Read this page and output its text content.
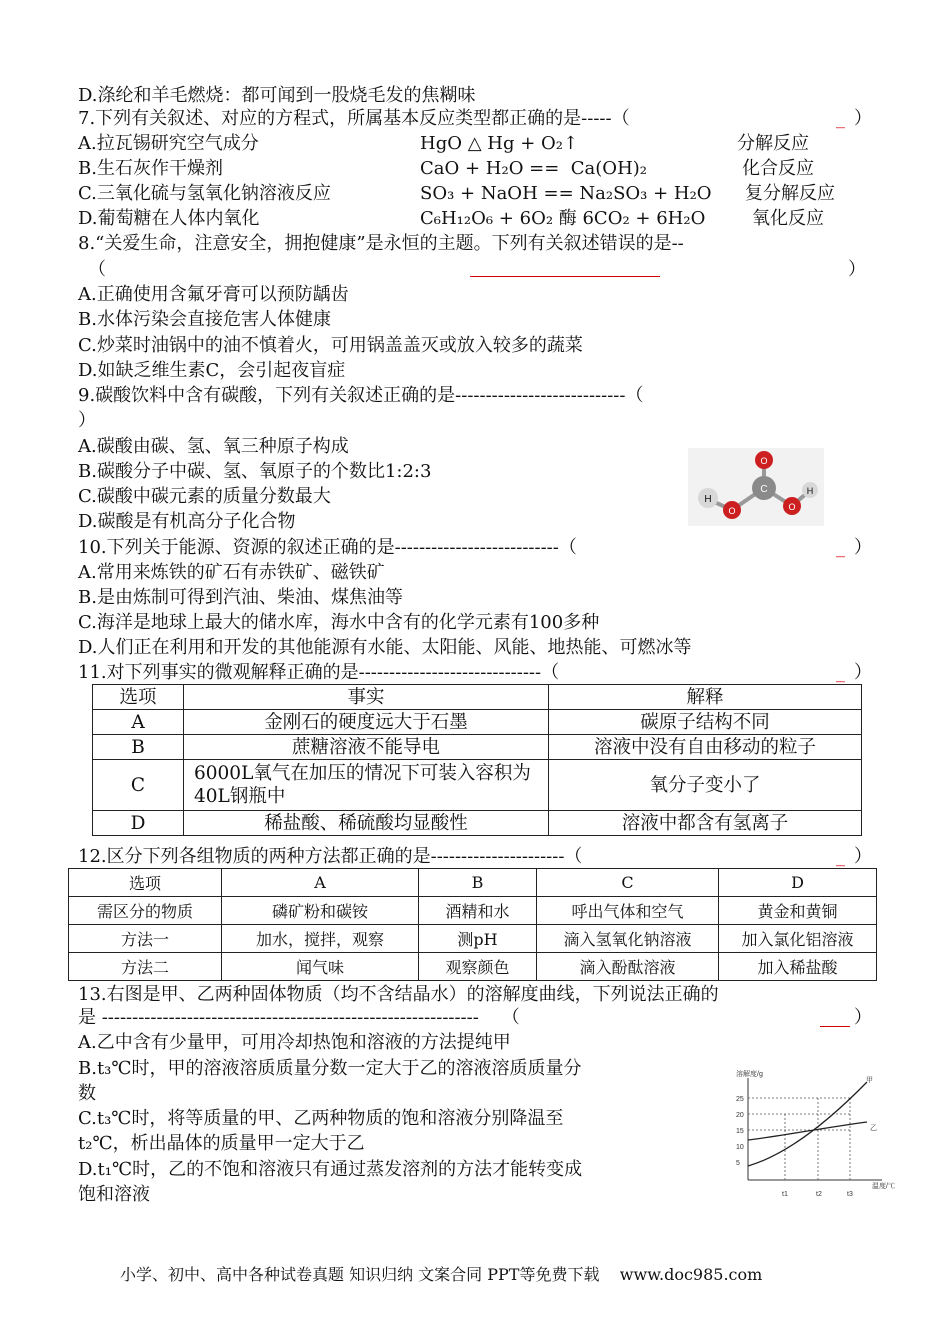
D.涤纶和羊毛燃烧：都可闻到一股烧毛发的焦糊味
7.下列有关叙述、对应的方程式，所属基本反应类型都正确的是-----（	_ ）
A.拉瓦锡研究空气成分	HgO △ Hg + O₂↑	分解反应
B.生石灰作干燥剂	CaO + H₂O ==  Ca(OH)₂	化合反应
C.三氧化硫与氢氧化钠溶液反应	SO₃ + NaOH == Na₂SO₃ + H₂O 复分解反应
D.葡萄糖在人体内氧化	C₆H₁₂O₆ + 6O₂ 酶 6CO₂ + 6H₂O	氧化反应
8.“关爱生命，注意安全，拥抱健康”是永恒的主题。下列有关叙述错误的是--
（	）
A.正确使用含氟牙膏可以预防龋齿
B.水体污染会直接危害人体健康
C.炒菜时油锅中的油不慎着火，可用锅盖盖灭或放入较多的蔬菜
D.如缺乏维生素C，会引起夜盲症
9.碳酸饮料中含有碳酸，下列有关叙述正确的是----------------------------（
）
A.碳酸由碳、氢、氧三种原子构成
B.碳酸分子中碳、氢、氧原子的个数比1:2:3
C.碳酸中碳元素的质量分数最大
D.碳酸是有机高分子化合物
H
O
C
O
O
H
10.下列关于能源、资源的叙述正确的是---------------------------（	_ ）
A.常用来炼铁的矿石有赤铁矿、磁铁矿
B.是由炼制可得到汽油、柴油、煤焦油等
C.海洋是地球上最大的储水库，海水中含有的化学元素有100多种
D.人们正在利用和开发的其他能源有水能、太阳能、风能、地热能、可燃冰等
11.对下列事实的微观解释正确的是------------------------------（	_ ）
选项	事实	解释
A	金刚石的硬度远大于石墨	碳原子结构不同
B	蔗糖溶液不能导电	溶液中没有自由移动的粒子
C	6000L氧气在加压的情况下可装入容积为40L钢瓶中	氧分子变小了
D	稀盐酸、稀硫酸均显酸性	溶液中都含有氢离子
12.区分下列各组物质的两种方法都正确的是----------------------（	_ ）
选项	A	B	C	D
需区分的物质	磷矿粉和碳铵	酒精和水	呼出气体和空气	黄金和黄铜
方法一	加水，搅拌，观察	测pH	滴入氢氧化钠溶液	加入氯化铝溶液
方法二	闻气味	观察颜色	滴入酚酞溶液	加入稀盐酸
13.右图是甲、乙两种固体物质（均不含结晶水）的溶解度曲线，下列说法正确的
是 --------------------------------------------------------------    （	）
A.乙中含有少量甲，可用冷却热饱和溶液的方法提纯甲
B.t₃℃时，甲的溶液溶质质量分数一定大于乙的溶液溶质质量分
数
C.t₃℃时，将等质量的甲、乙两种物质的饱和溶液分别降温至
t₂℃，析出晶体的质量甲一定大于乙
D.t₁℃时，乙的不饱和溶液只有通过蒸发溶剂的方法才能转变成
饱和溶液
溶解度/g
温度/℃
25
20
15
10
5
t1	t2	t3
甲
乙
小学、初中、高中各种试卷真题 知识归纳 文案合同 PPT等免费下载    www.doc985.com
